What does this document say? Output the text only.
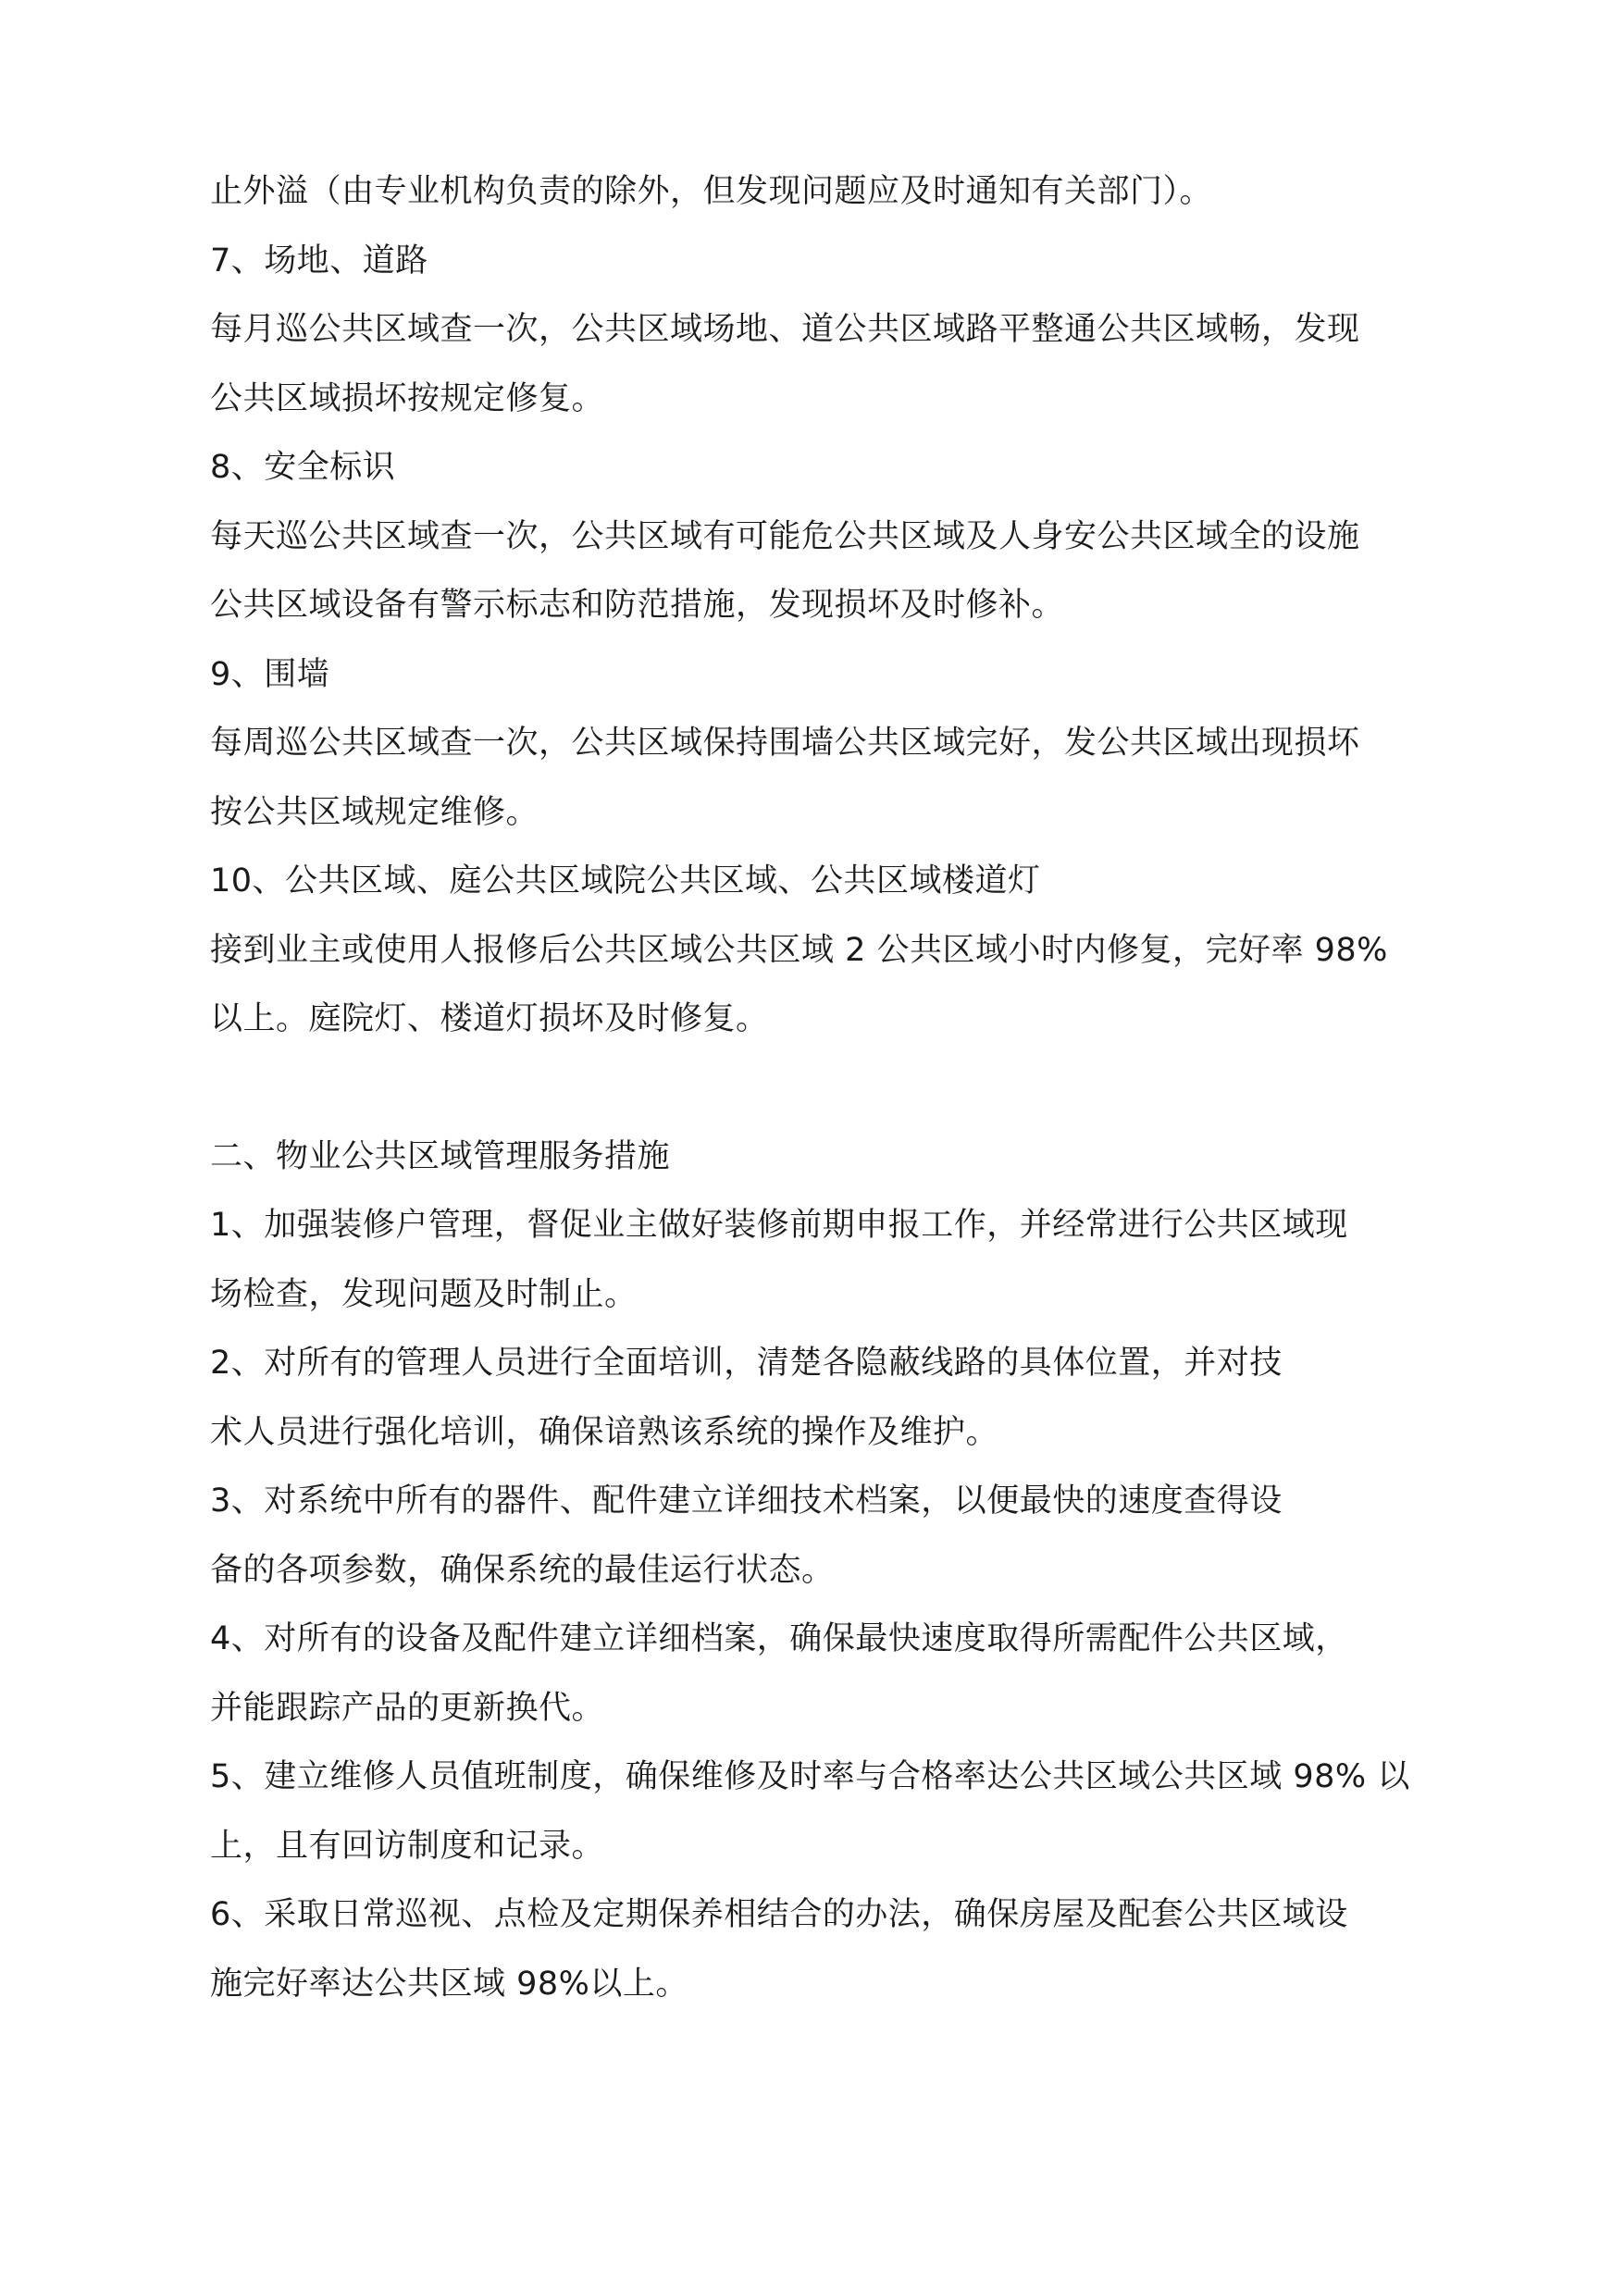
止外溢（由专业机构负责的除外，但发现问题应及时通知有关部门）。
7、场地、道路
每月巡公共区域查一次，公共区域场地、道公共区域路平整通公共区域畅，发现
公共区域损坏按规定修复。
8、安全标识
每天巡公共区域查一次，公共区域有可能危公共区域及人身安公共区域全的设施
公共区域设备有警示标志和防范措施，发现损坏及时修补。
9、围墙
每周巡公共区域查一次，公共区域保持围墙公共区域完好，发公共区域出现损坏
按公共区域规定维修。
10、公共区域、庭公共区域院公共区域、公共区域楼道灯
接到业主或使用人报修后公共区域公共区域 2 公共区域小时内修复，完好率 98%
以上。庭院灯、楼道灯损坏及时修复。
二、物业公共区域管理服务措施
1、加强装修户管理，督促业主做好装修前期申报工作，并经常进行公共区域现
场检查，发现问题及时制止。
2、对所有的管理人员进行全面培训，清楚各隐蔽线路的具体位置，并对技
术人员进行强化培训，确保谙熟该系统的操作及维护。
3、对系统中所有的器件、配件建立详细技术档案，以便最快的速度查得设
备的各项参数，确保系统的最佳运行状态。
4、对所有的设备及配件建立详细档案，确保最快速度取得所需配件公共区域，
并能跟踪产品的更新换代。
5、建立维修人员值班制度，确保维修及时率与合格率达公共区域公共区域 98% 以
上，且有回访制度和记录。
6、采取日常巡视、点检及定期保养相结合的办法，确保房屋及配套公共区域设
施完好率达公共区域 98%以上。
